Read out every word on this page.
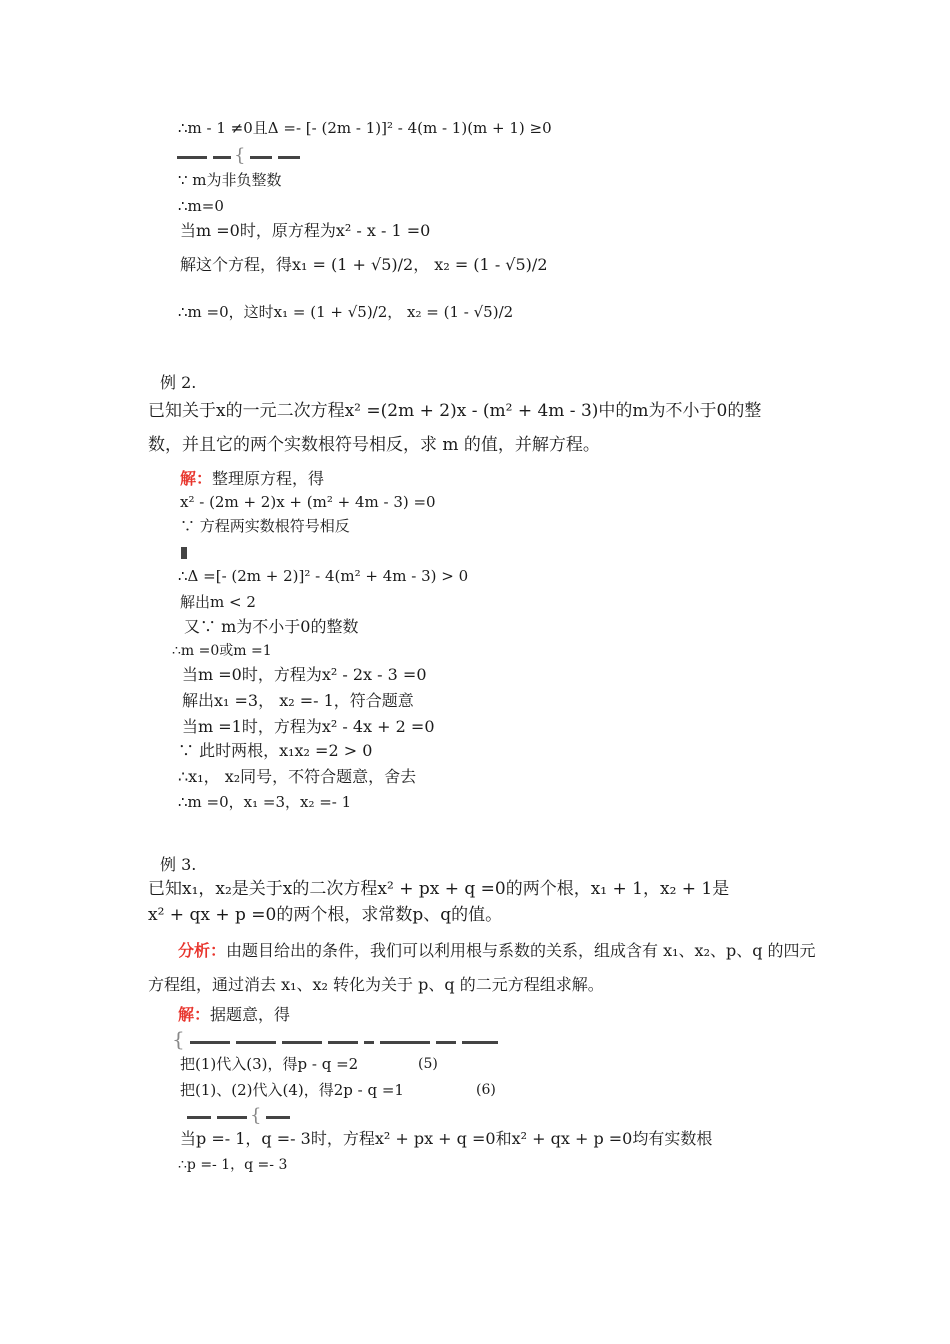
∴m - 1 ≠0且Δ =- [- (2m - 1)]² - 4(m - 1)(m + 1) ≥0
{
∵ m为非负整数
∴m=0
当m =0时，原方程为x² - x - 1 =0
解这个方程，得x₁ = (1 + √5)/2， x₂ = (1 - √5)/2
∴m =0，这时x₁ = (1 + √5)/2， x₂ = (1 - √5)/2
例 2.
已知关于x的一元二次方程x² =(2m + 2)x - (m² + 4m - 3)中的m为不小于0的整
数，并且它的两个实数根符号相反，求 m 的值，并解方程。
解：整理原方程，得
x² - (2m + 2)x + (m² + 4m - 3) =0
∵ 方程两实数根符号相反
∴Δ =[- (2m + 2)]² - 4(m² + 4m - 3) > 0
解出m < 2
又∵ m为不小于0的整数
∴m =0或m =1
当m =0时，方程为x² - 2x - 3 =0
解出x₁ =3， x₂ =- 1，符合题意
当m =1时，方程为x² - 4x + 2 =0
∵ 此时两根，x₁x₂ =2 > 0
∴x₁， x₂同号，不符合题意，舍去
∴m =0，x₁ =3，x₂ =- 1
例 3.
已知x₁，x₂是关于x的二次方程x² + px + q =0的两个根，x₁ + 1，x₂ + 1是
x² + qx + p =0的两个根，求常数p、q的值。
分析：由题目给出的条件，我们可以利用根与系数的关系，组成含有 x₁、x₂、p、q 的四元
方程组，通过消去 x₁、x₂ 转化为关于 p、q 的二元方程组求解。
解：据题意，得
{
把(1)代入(3)，得p - q =2	(5)
把(1)、(2)代入(4)，得2p - q =1	(6)
{
当p =- 1，q =- 3时，方程x² + px + q =0和x² + qx + p =0均有实数根
∴p =- 1，q =- 3
